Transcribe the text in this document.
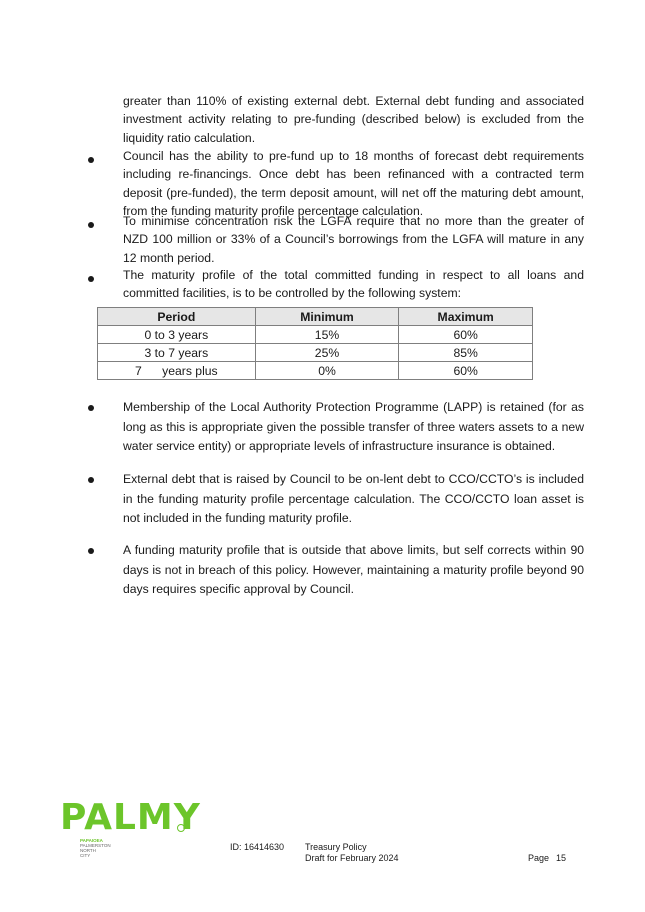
greater than 110% of existing external debt. External debt funding and associated investment activity relating to pre-funding (described below) is excluded from the liquidity ratio calculation.
Council has the ability to pre-fund up to 18 months of forecast debt requirements including re-financings. Once debt has been refinanced with a contracted term deposit (pre-funded), the term deposit amount, will net off the maturing debt amount, from the funding maturity profile percentage calculation.
To minimise concentration risk the LGFA require that no more than the greater of NZD 100 million or 33% of a Council’s borrowings from the LGFA will mature in any 12 month period.
The maturity profile of the total committed funding in respect to all loans and committed facilities, is to be controlled by the following system:
Period	Minimum	Maximum
0 to 3 years	15%	60%
3 to 7 years	25%	85%
7      years plus	0%	60%
Membership of the Local Authority Protection Programme (LAPP) is retained (for as long as this is appropriate given the possible transfer of three waters assets to a new water service entity) or appropriate levels of infrastructure insurance is obtained.
External debt that is raised by Council to be on-lent debt to CCO/CCTO’s is included in the funding maturity profile percentage calculation. The CCO/CCTO loan asset is not included in the funding maturity profile.
A funding maturity profile that is outside that above limits, but self corrects within 90 days is not in breach of this policy. However, maintaining a maturity profile beyond 90 days requires specific approval by Council.
PALMY
PAPAIOEA
PALMERSTON
NORTH
CITY
ID: 16414630 Treasury Policy
Draft for February 2024	Page 15
